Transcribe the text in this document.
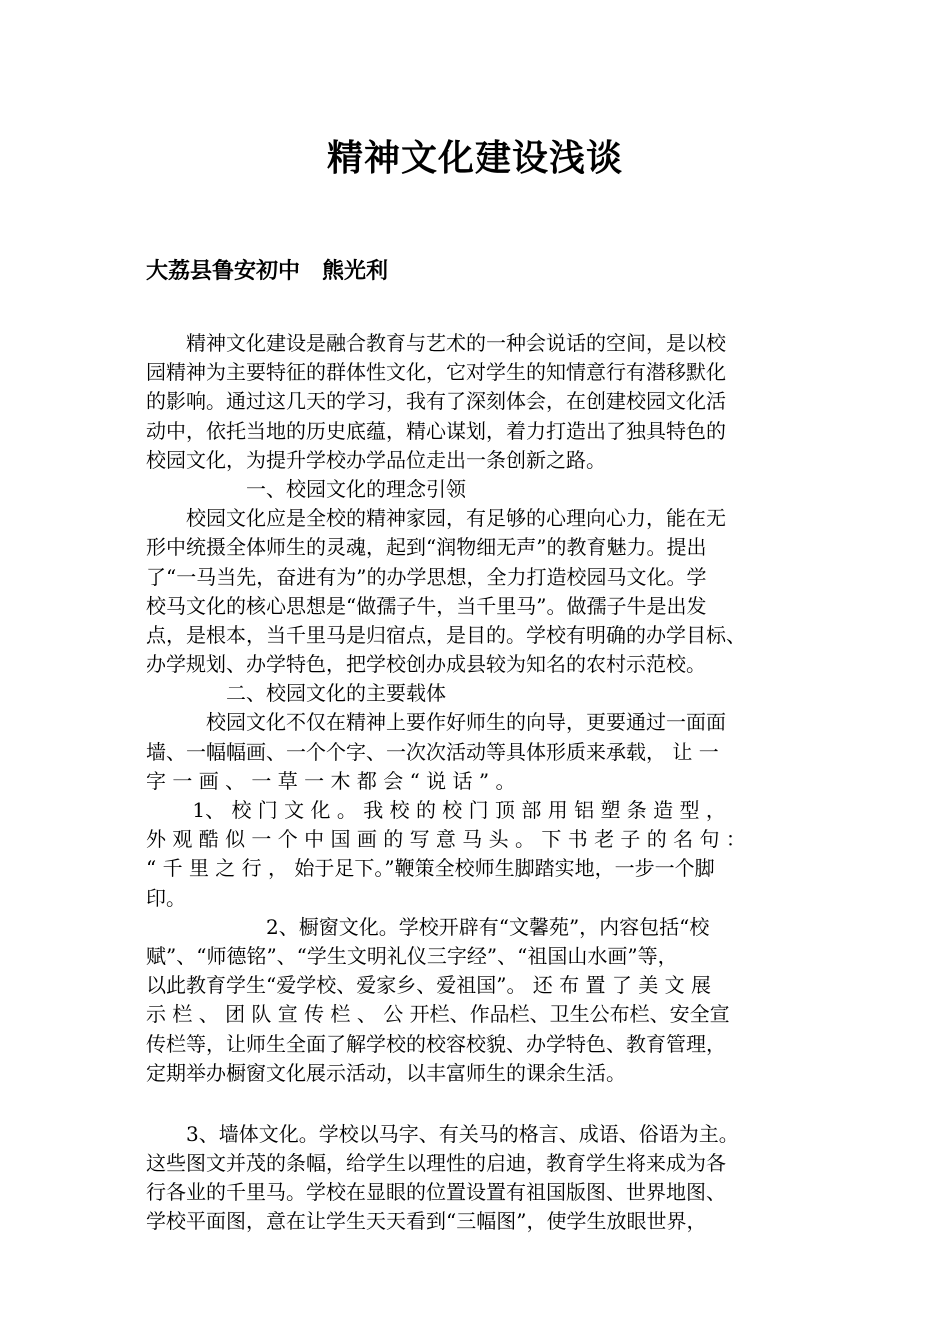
精神文化建设浅谈
大荔县鲁安初中　熊光利
　　精神文化建设是融合教育与艺术的一种会说话的空间，是以校
园精神为主要特征的群体性文化，它对学生的知情意行有潜移默化
的影响。通过这几天的学习，我有了深刻体会，在创建校园文化活
动中，依托当地的历史底蕴，精心谋划，着力打造出了独具特色的
校园文化，为提升学校办学品位走出一条创新之路。
　　　　　一、校园文化的理念引领
　　校园文化应是全校的精神家园，有足够的心理向心力，能在无
形中统摄全体师生的灵魂，起到“润物细无声”的教育魅力。提出
了“一马当先，奋进有为”的办学思想，全力打造校园马文化。学
校马文化的核心思想是“做孺子牛，当千里马”。做孺子牛是出发
点，是根本，当千里马是归宿点，是目的。学校有明确的办学目标、
办学规划、办学特色，把学校创办成县较为知名的农村示范校。
　　　　二、校园文化的主要载体
　　　校园文化不仅在精神上要作好师生的向导，更要通过一面面
墙、一幅幅画、一个个字、一次次活动等具体形质来承载， 让 一
字 一 画 、 一 草 一 木 都 会 “ 说 话 ” 。
　　 1、 校 门 文 化 。 我 校 的 校 门 顶 部 用 铝 塑 条 造 型 ，
外 观 酷 似 一 个 中 国 画 的 写 意 马 头 。 下 书 老 子 的 名 句 ：
“ 千 里 之 行 ， 始于足下。”鞭策全校师生脚踏实地，一步一个脚
印。
　　　　　　2、橱窗文化。学校开辟有“文馨苑”，内容包括“校
赋”、“师德铭”、“学生文明礼仪三字经”、“祖国山水画”等，
以此教育学生“爱学校、爱家乡、爱祖国”。 还 布 置 了 美 文 展
示 栏 、 团 队 宣 传 栏 、 公 开栏、作品栏、卫生公布栏、安全宣
传栏等，让师生全面了解学校的校容校貌、办学特色、教育管理，
定期举办橱窗文化展示活动，以丰富师生的课余生活。
　　3、墙体文化。学校以马字、有关马的格言、成语、俗语为主。
这些图文并茂的条幅，给学生以理性的启迪，教育学生将来成为各
行各业的千里马。学校在显眼的位置设置有祖国版图、世界地图、
学校平面图，意在让学生天天看到“三幅图”，使学生放眼世界，
